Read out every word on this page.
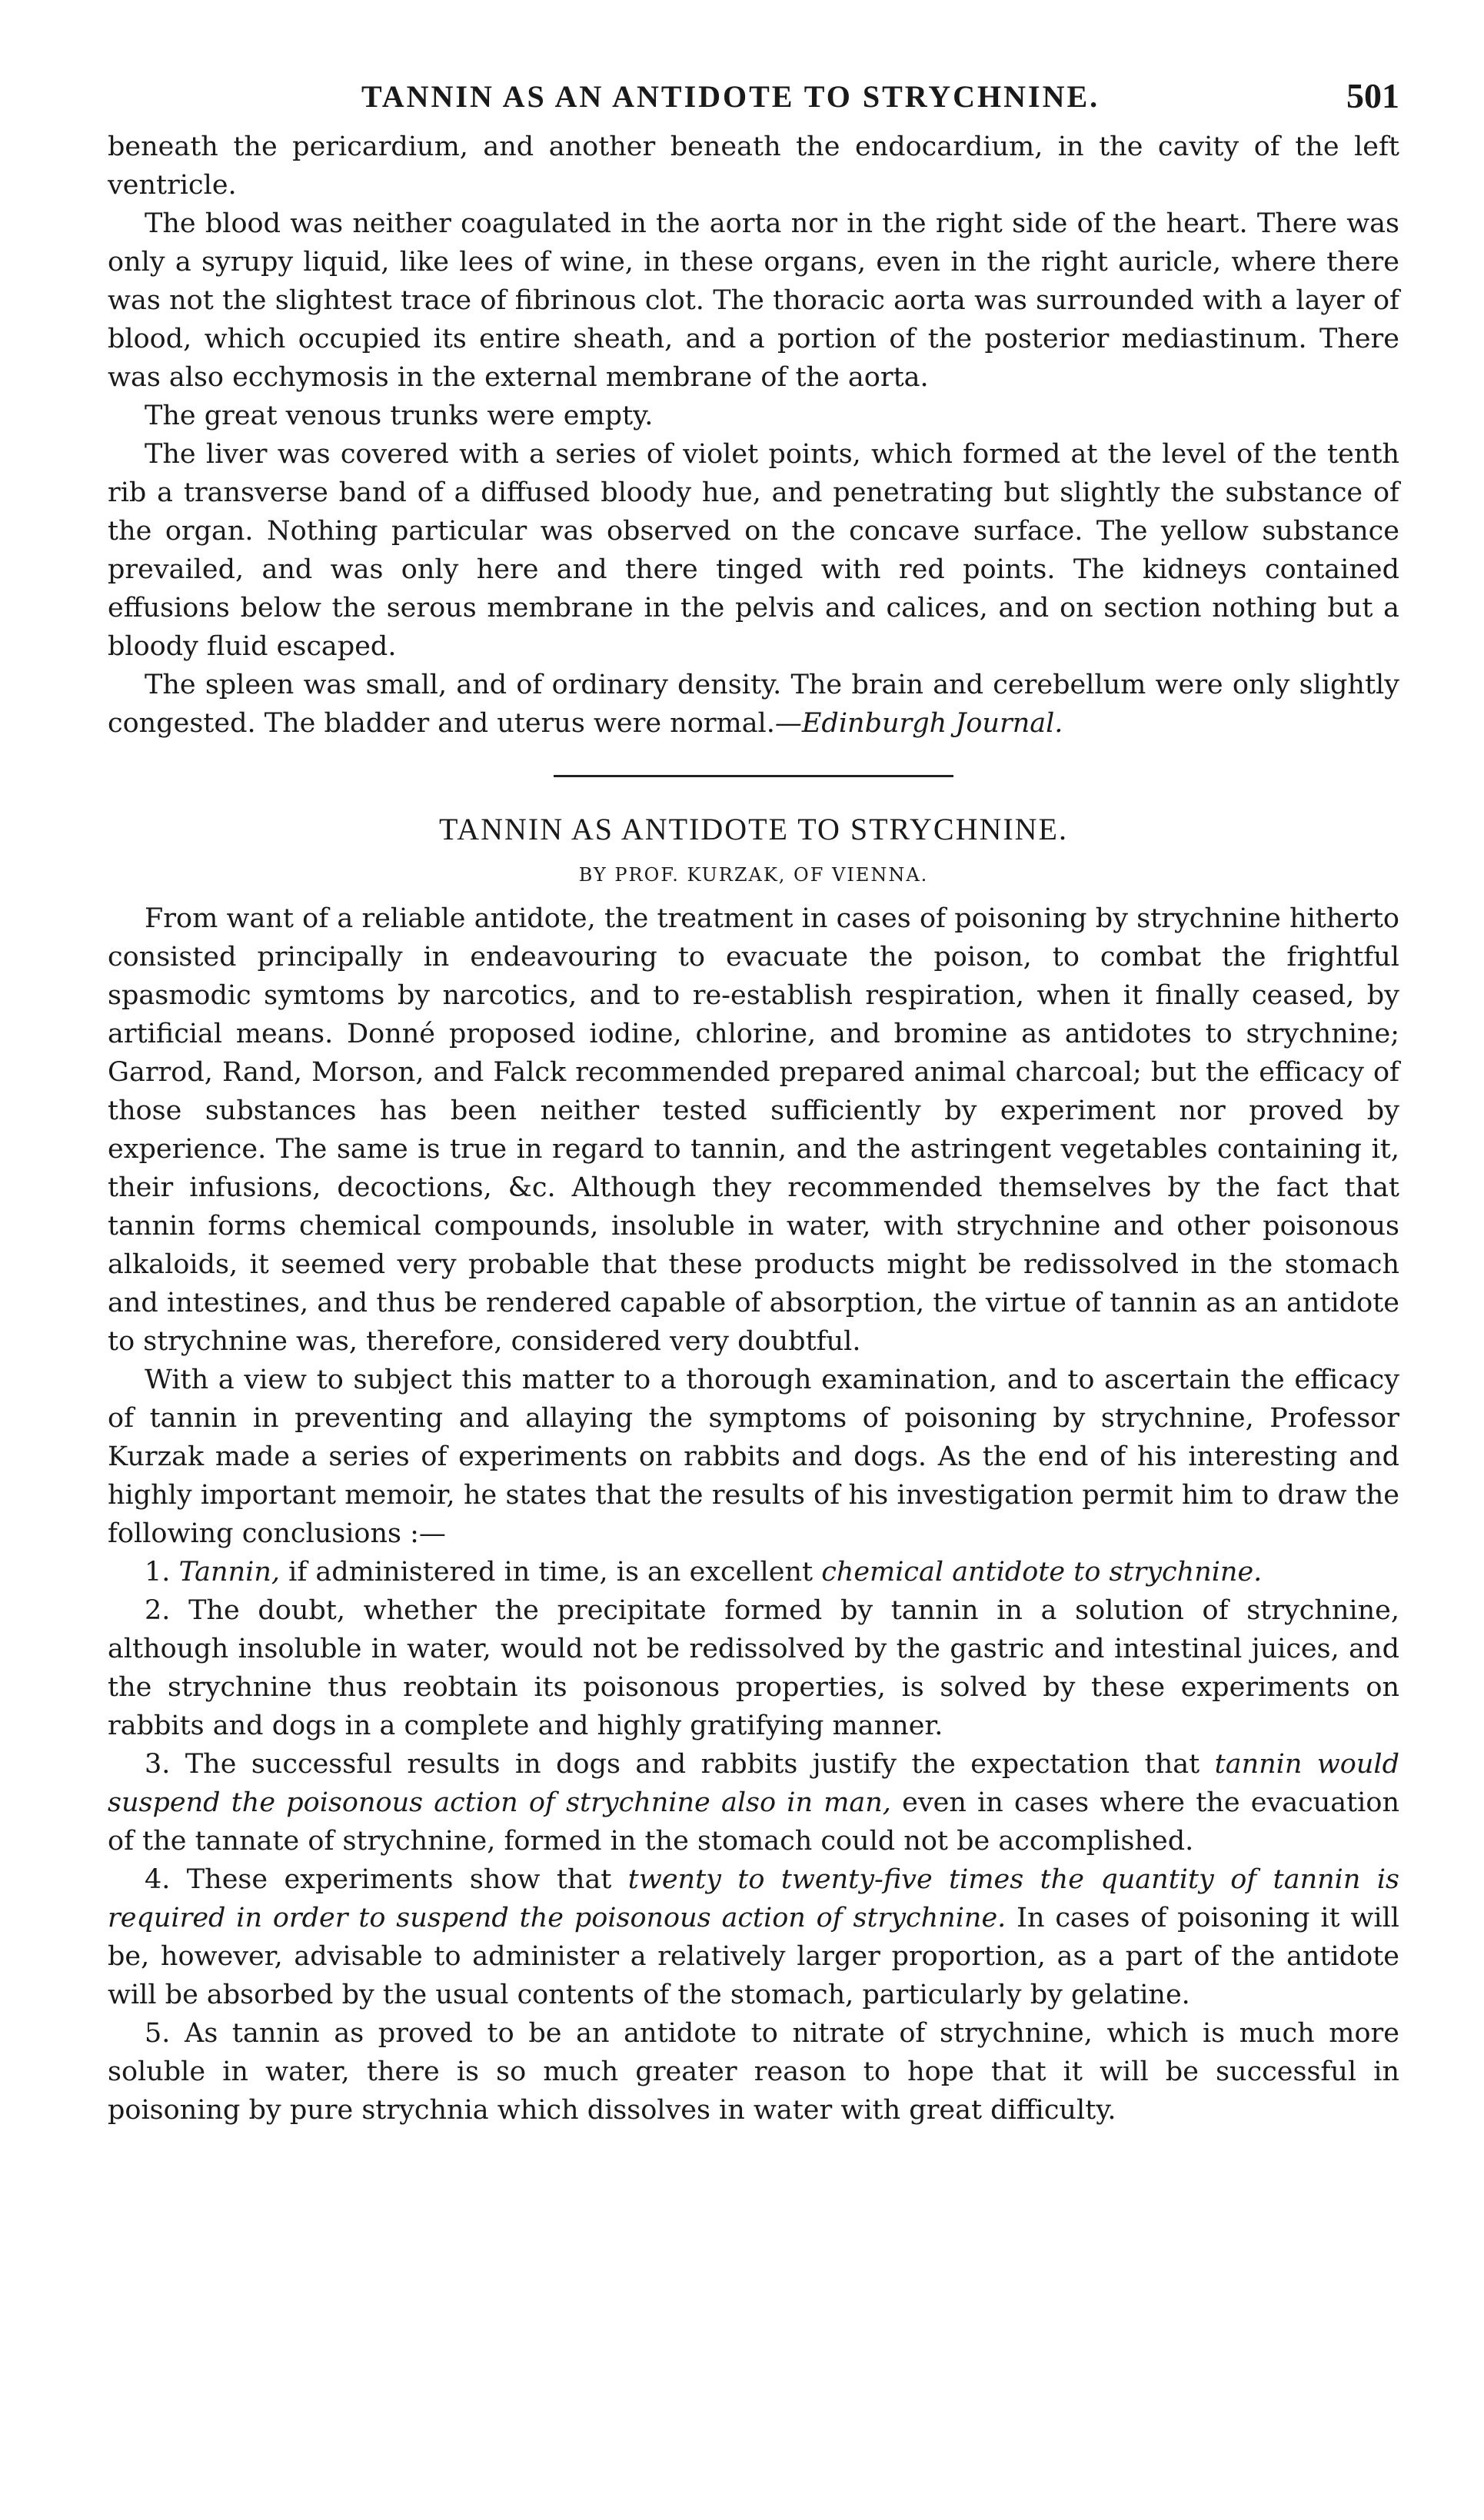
TANNIN AS AN ANTIDOTE TO STRYCHNINE.	501

beneath the pericardium, and another beneath the endocardium, in the cavity of the left ventricle.

The blood was neither coagulated in the aorta nor in the right side of the heart. There was only a syrupy liquid, like lees of wine, in these organs, even in the right auricle, where there was not the slightest trace of fibrinous clot. The thoracic aorta was surrounded with a layer of blood, which occupied its entire sheath, and a portion of the posterior mediastinum. There was also ecchymosis in the external membrane of the aorta.

The great venous trunks were empty.

The liver was covered with a series of violet points, which formed at the level of the tenth rib a transverse band of a diffused bloody hue, and penetrating but slightly the substance of the organ. Nothing particular was observed on the concave surface. The yellow substance prevailed, and was only here and there tinged with red points. The kidneys contained effusions below the serous membrane in the pelvis and calices, and on section nothing but a bloody fluid escaped.

The spleen was small, and of ordinary density. The brain and cerebellum were only slightly congested. The bladder and uterus were normal.—Edinburgh Journal.

TANNIN AS ANTIDOTE TO STRYCHNINE.
BY PROF. KURZAK, OF VIENNA.

From want of a reliable antidote, the treatment in cases of poisoning by strychnine hitherto consisted principally in endeavouring to evacuate the poison, to combat the frightful spasmodic symtoms by narcotics, and to re-establish respiration, when it finally ceased, by artificial means. Donné proposed iodine, chlorine, and bromine as antidotes to strychnine; Garrod, Rand, Morson, and Falck recommended prepared animal charcoal; but the efficacy of those substances has been neither tested sufficiently by experiment nor proved by experience. The same is true in regard to tannin, and the astringent vegetables containing it, their infusions, decoctions, &c. Although they recommended themselves by the fact that tannin forms chemical compounds, insoluble in water, with strychnine and other poisonous alkaloids, it seemed very probable that these products might be redissolved in the stomach and intestines, and thus be rendered capable of absorption, the virtue of tannin as an antidote to strychnine was, therefore, considered very doubtful.

With a view to subject this matter to a thorough examination, and to ascertain the efficacy of tannin in preventing and allaying the symptoms of poisoning by strychnine, Professor Kurzak made a series of experiments on rabbits and dogs. As the end of his interesting and highly important memoir, he states that the results of his investigation permit him to draw the following conclusions :—

1. Tannin, if administered in time, is an excellent chemical antidote to strychnine.

2. The doubt, whether the precipitate formed by tannin in a solution of strychnine, although insoluble in water, would not be redissolved by the gastric and intestinal juices, and the strychnine thus reobtain its poisonous properties, is solved by these experiments on rabbits and dogs in a complete and highly gratifying manner.

3. The successful results in dogs and rabbits justify the expectation that tannin would suspend the poisonous action of strychnine also in man, even in cases where the evacuation of the tannate of strychnine, formed in the stomach could not be accomplished.

4. These experiments show that twenty to twenty-five times the quantity of tannin is required in order to suspend the poisonous action of strychnine. In cases of poisoning it will be, however, advisable to administer a relatively larger proportion, as a part of the antidote will be absorbed by the usual contents of the stomach, particularly by gelatine.

5. As tannin as proved to be an antidote to nitrate of strychnine, which is much more soluble in water, there is so much greater reason to hope that it will be successful in poisoning by pure strychnia which dissolves in water with great difficulty.
